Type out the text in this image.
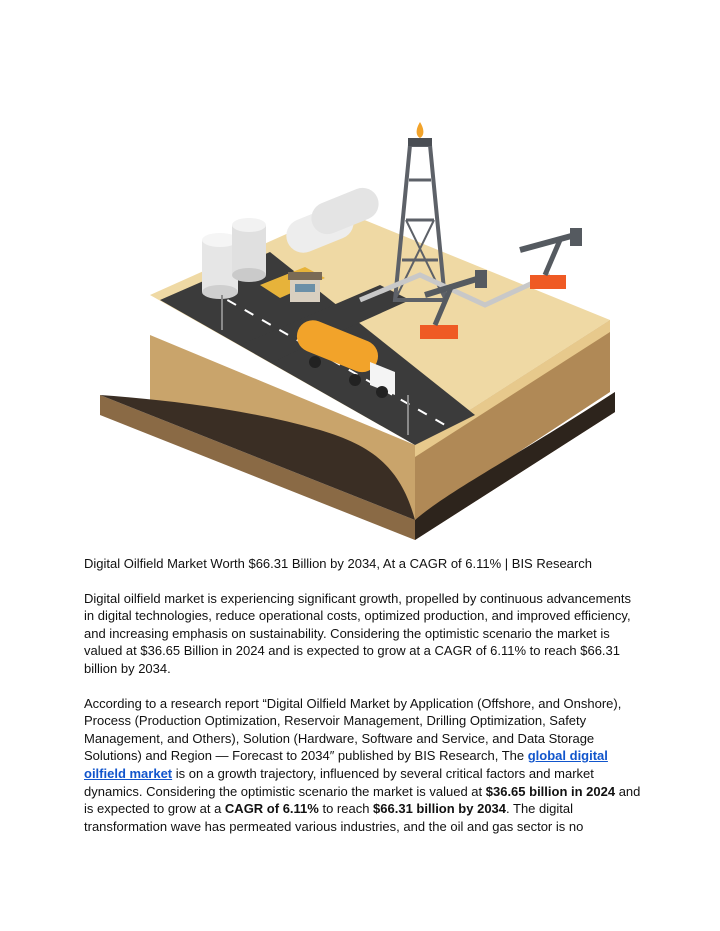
Digital Oilfield Market Worth $66.31 Billion by 2034, At a CAGR of 6.11% | BIS Research

Digital oilfield market is experiencing significant growth, propelled by continuous advancements in digital technologies, reduce operational costs, optimized production, and improved efficiency, and increasing emphasis on sustainability. Considering the optimistic scenario the market is valued at $36.65 Billion in 2024 and is expected to grow at a CAGR of 6.11% to reach $66.31 billion by 2034.

According to a research report “Digital Oilfield Market by Application (Offshore, and Onshore), Process (Production Optimization, Reservoir Management, Drilling Optimization, Safety Management, and Others), Solution (Hardware, Software and Service, and Data Storage Solutions) and Region — Forecast to 2034″ published by BIS Research, The global digital oilfield market is on a growth trajectory, influenced by several critical factors and market dynamics. Considering the optimistic scenario the market is valued at $36.65 billion in 2024 and is expected to grow at a CAGR of 6.11% to reach $66.31 billion by 2034. The digital transformation wave has permeated various industries, and the oil and gas sector is no
